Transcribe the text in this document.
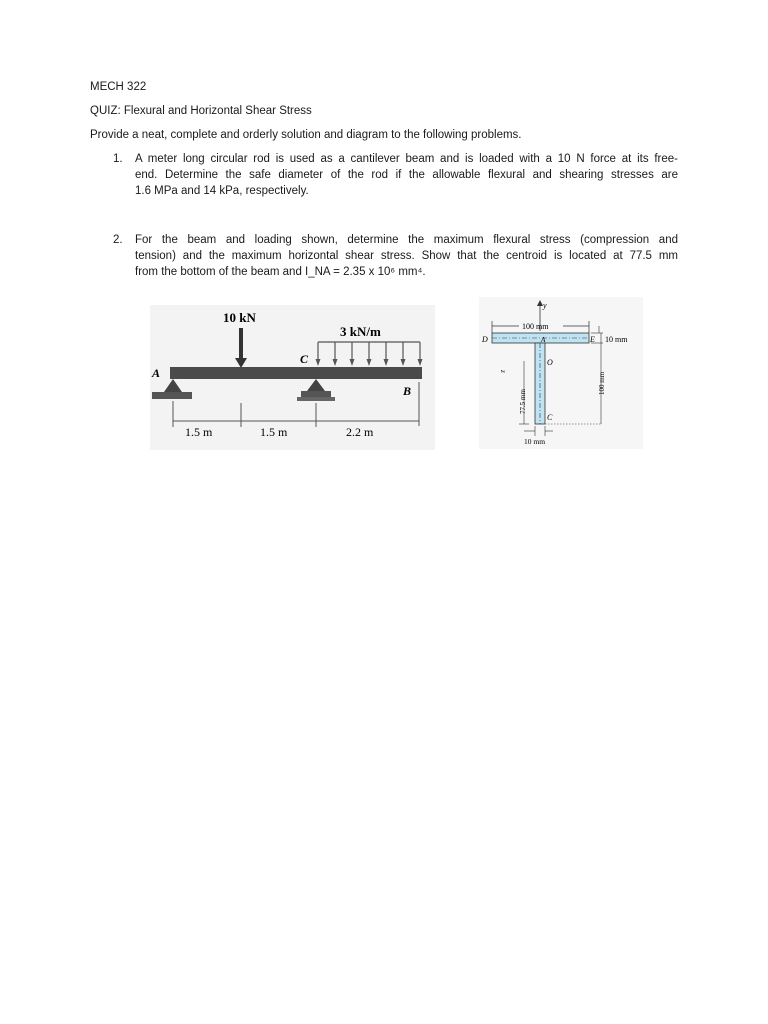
MECH 322
QUIZ: Flexural and Horizontal Shear Stress
Provide a neat, complete and orderly solution and diagram to the following problems.
1.	A meter long circular rod is used as a cantilever beam and is loaded with a 10 N force at its free-
end. Determine the safe diameter of the rod if the allowable flexural and shearing stresses are
1.6 MPa and 14 kPa, respectively.
2.	For the beam and loading shown, determine the maximum flexural stress (compression and
tension) and the maximum horizontal shear stress. Show that the centroid is located at 77.5 mm
from the bottom of the beam and I_NA = 2.35 x 10⁶ mm⁴.
10 kN
3 kN/m
C
A
B
1.5 m	1.5 m	2.2 m
y
100 mm
D	A	E
O
C
z
10 mm
100 mm
77.5 mm
10 mm
